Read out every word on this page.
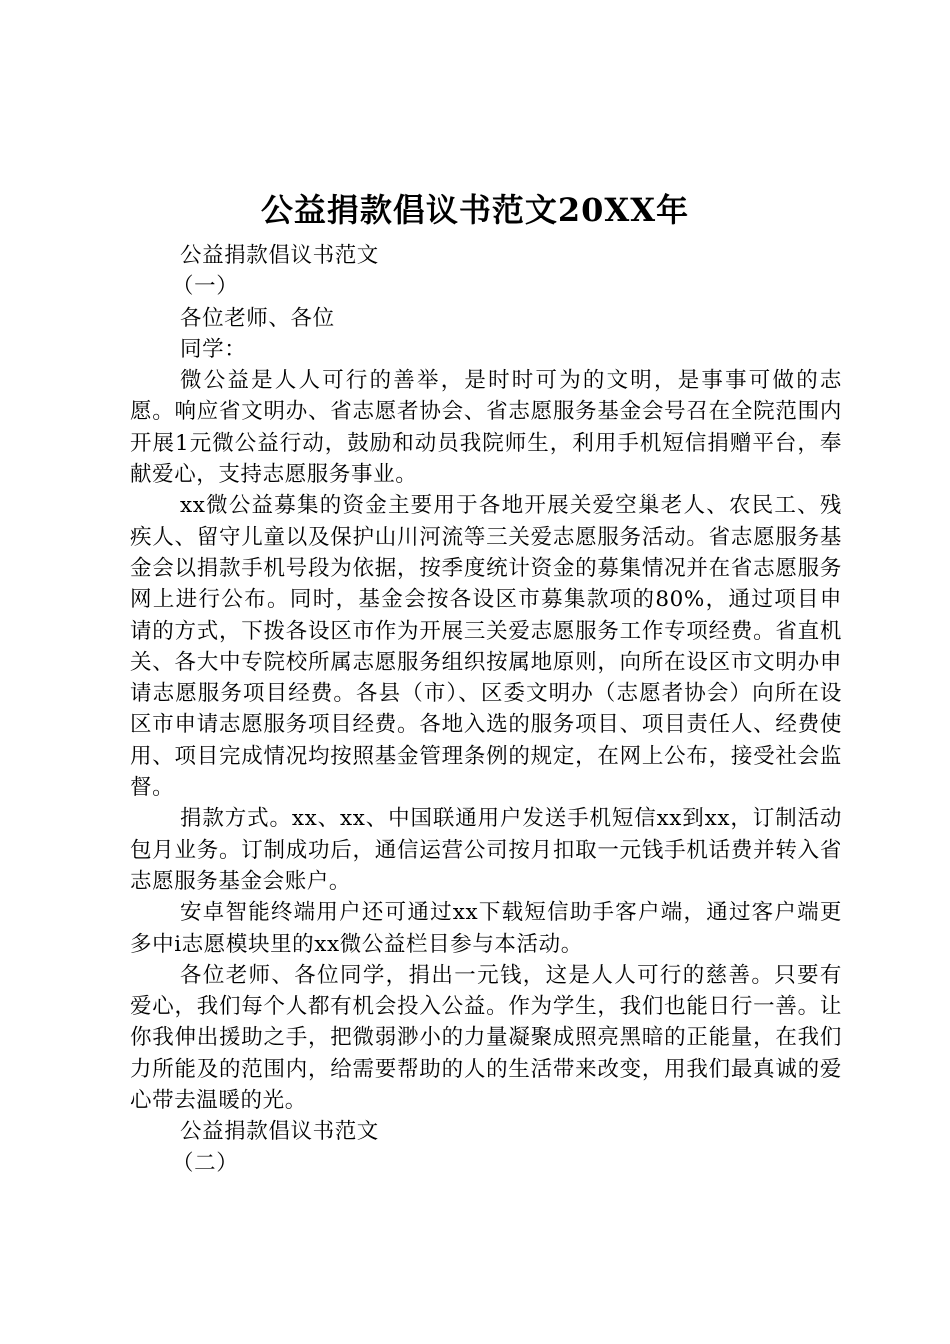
公益捐款倡议书范文20XX年

公益捐款倡议书范文

（一）

各位老师、各位

同学：

微公益是人人可行的善举，是时时可为的文明，是事事可做的志愿。响应省文明办、省志愿者协会、省志愿服务基金会号召在全院范围内开展1元微公益行动，鼓励和动员我院师生，利用手机短信捐赠平台，奉献爱心，支持志愿服务事业。

xx微公益募集的资金主要用于各地开展关爱空巢老人、农民工、残疾人、留守儿童以及保护山川河流等三关爱志愿服务活动。省志愿服务基金会以捐款手机号段为依据，按季度统计资金的募集情况并在省志愿服务网上进行公布。同时，基金会按各设区市募集款项的80%，通过项目申请的方式，下拨各设区市作为开展三关爱志愿服务工作专项经费。省直机关、各大中专院校所属志愿服务组织按属地原则，向所在设区市文明办申请志愿服务项目经费。各县（市）、区委文明办（志愿者协会）向所在设区市申请志愿服务项目经费。各地入选的服务项目、项目责任人、经费使用、项目完成情况均按照基金管理条例的规定，在网上公布，接受社会监督。

捐款方式。xx、xx、中国联通用户发送手机短信xx到xx，订制活动包月业务。订制成功后，通信运营公司按月扣取一元钱手机话费并转入省志愿服务基金会账户。

安卓智能终端用户还可通过xx下载短信助手客户端，通过客户端更多中i志愿模块里的xx微公益栏目参与本活动。

各位老师、各位同学，捐出一元钱，这是人人可行的慈善。只要有爱心，我们每个人都有机会投入公益。作为学生，我们也能日行一善。让你我伸出援助之手，把微弱渺小的力量凝聚成照亮黑暗的正能量，在我们力所能及的范围内，给需要帮助的人的生活带来改变，用我们最真诚的爱心带去温暖的光。

公益捐款倡议书范文

（二）
